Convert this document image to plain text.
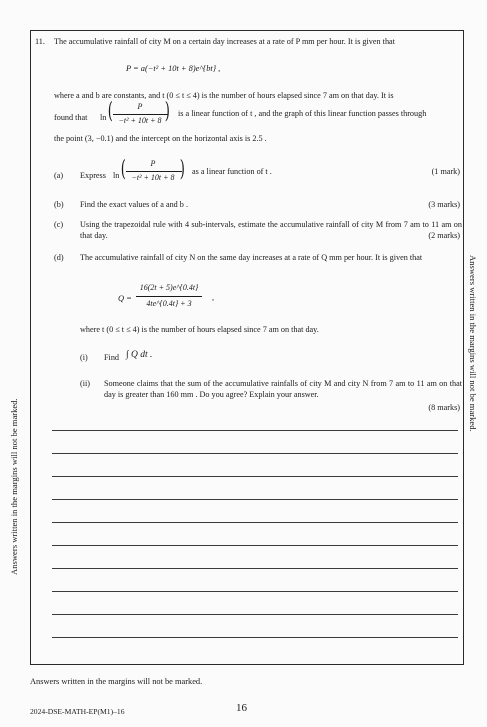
Answers written in the margins will not be marked.
Answers written in the margins will not be marked.
11. The accumulative rainfall of city M on a certain day increases at a rate of P mm per hour. It is given that
P = a(−t² + 10t + 8)e^{bt} ,
where a and b are constants, and t (0 ≤ t ≤ 4) is the number of hours elapsed since 7 am on that day. It is
found that ln (	P
−t² + 10t + 8 ) is a linear function of t , and the graph of this linear function passes through
the point (3, −0.1) and the intercept on the horizontal axis is 2.5 .
(a) Express ln (	P
−t² + 10t + 8 ) as a linear function of t .	(1 mark)
(b) Find the exact values of a and b .	(3 marks)
(c) Using the trapezoidal rule with 4 sub-intervals, estimate the accumulative rainfall of city M from 7 am to 11 am on that day.	(2 marks)
(d) The accumulative rainfall of city N on the same day increases at a rate of Q mm per hour. It is given that
Q =
16(2t + 5)e^{0.4t}
4te^{0.4t} + 3
,
where t (0 ≤ t ≤ 4) is the number of hours elapsed since 7 am on that day.
(i) Find ∫ Q dt .
(ii) Someone claims that the sum of the accumulative rainfalls of city M and city N from 7 am to 11 am on that day is greater than 160 mm . Do you agree? Explain your answer.
(8 marks)
Answers written in the margins will not be marked.
2024-DSE-MATH-EP(M1)–16	16
